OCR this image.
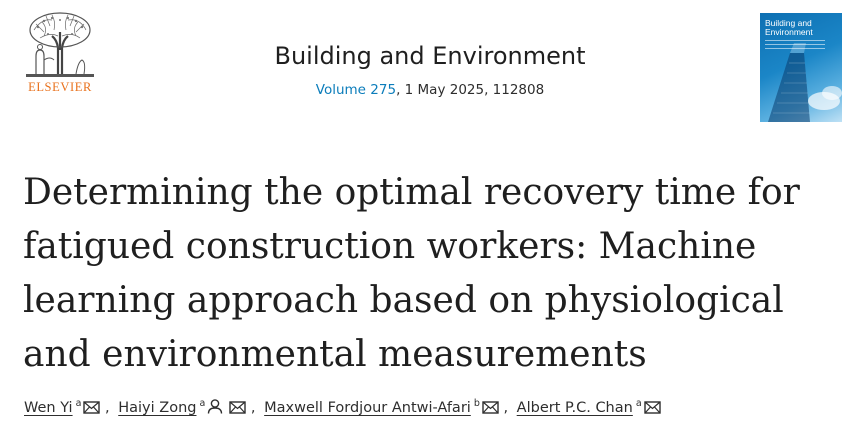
ELSEVIER
Building and Environment
Volume 275, 1 May 2025, 112808
Building and Environment
Determining the optimal recovery time for fatigued construction workers: Machine learning approach based on physiological and environmental measurements
Wen Yi $^a$ , Haiyi Zong $^a$	, Maxwell Fordjour Antwi-Afari $^b$ , Albert P.C. Chan $^a$
